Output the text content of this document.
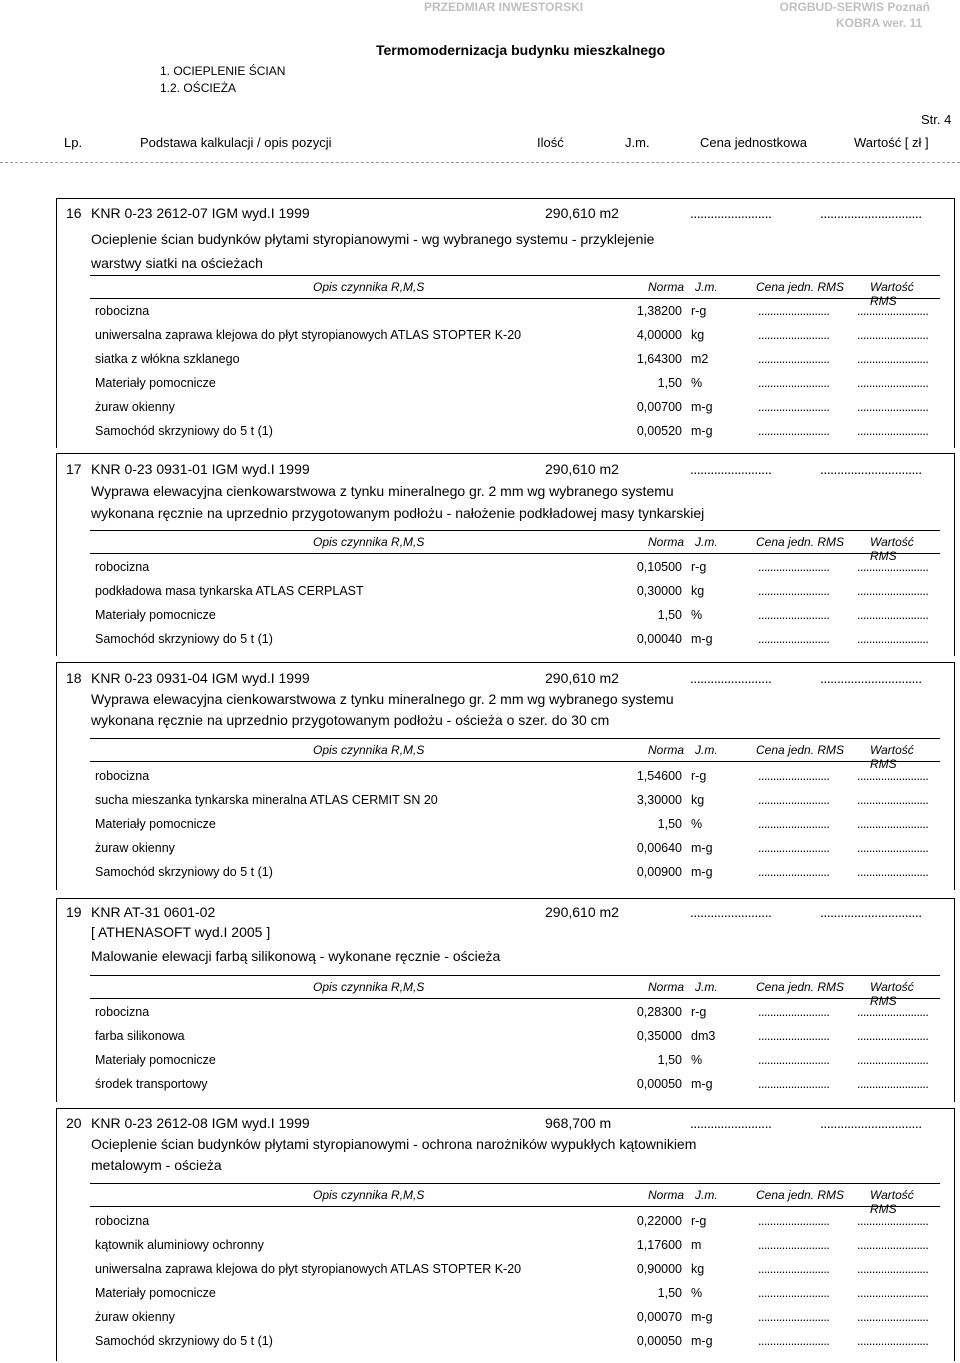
PRZEDMIAR INWESTORSKI	ORGBUD-SERWIS Poznań
KOBRA wer. 11
Termomodernizacja budynku mieszkalnego
1. OCIEPLENIE ŚCIAN
1.2. OŚCIEŻA
Str. 4
Lp.	Podstawa kalkulacji / opis pozycji	Ilość	J.m.	Cena jednostkowa	Wartość [ zł ]
16 KNR 0-23 2612-07 IGM wyd.I 1999	290,610 m2	........................	..............................
Ocieplenie ścian budynków płytami styropianowymi - wg wybranego systemu - przyklejenie
warstwy siatki na ościeżach
Opis czynnika R,M,S	Norma J.m.	Cena jedn. RMS Wartość RMS
robocizna	1,38200 r-g	........................ ........................
uniwersalna zaprawa klejowa do płyt styropianowych ATLAS STOPTER K-20	4,00000 kg	........................ ........................
siatka z włókna szklanego	1,64300 m2	........................ ........................
Materiały pomocnicze	1,50 %	........................ ........................
żuraw okienny	0,00700 m-g	........................ ........................
Samochód skrzyniowy do 5 t (1)	0,00520 m-g	........................ ........................
17 KNR 0-23 0931-01 IGM wyd.I 1999	290,610 m2	........................	..............................
Wyprawa elewacyjna cienkowarstwowa z tynku mineralnego gr. 2 mm wg wybranego systemu
wykonana ręcznie na uprzednio przygotowanym podłożu - nałożenie podkładowej masy tynkarskiej
Opis czynnika R,M,S	Norma J.m.	Cena jedn. RMS Wartość RMS
robocizna	0,10500 r-g	........................ ........................
podkładowa masa tynkarska ATLAS CERPLAST	0,30000 kg	........................ ........................
Materiały pomocnicze	1,50 %	........................ ........................
Samochód skrzyniowy do 5 t (1)	0,00040 m-g	........................ ........................
18 KNR 0-23 0931-04 IGM wyd.I 1999	290,610 m2	........................	..............................
Wyprawa elewacyjna cienkowarstwowa z tynku mineralnego gr. 2 mm wg wybranego systemu
wykonana ręcznie na uprzednio przygotowanym podłożu - ościeża o szer. do 30 cm
Opis czynnika R,M,S	Norma J.m.	Cena jedn. RMS Wartość RMS
robocizna	1,54600 r-g	........................ ........................
sucha mieszanka tynkarska mineralna ATLAS CERMIT SN 20	3,30000 kg	........................ ........................
Materiały pomocnicze	1,50 %	........................ ........................
żuraw okienny	0,00640 m-g	........................ ........................
Samochód skrzyniowy do 5 t (1)	0,00900 m-g	........................ ........................
19 KNR AT-31 0601-02	290,610 m2	........................	..............................
[ ATHENASOFT wyd.I 2005 ]
Malowanie elewacji farbą silikonową - wykonane ręcznie - ościeża
Opis czynnika R,M,S	Norma J.m.	Cena jedn. RMS Wartość RMS
robocizna	0,28300 r-g	........................ ........................
farba silikonowa	0,35000 dm3	........................ ........................
Materiały pomocnicze	1,50 %	........................ ........................
środek transportowy	0,00050 m-g	........................ ........................
20 KNR 0-23 2612-08 IGM wyd.I 1999	968,700 m	........................	..............................
Ocieplenie ścian budynków płytami styropianowymi - ochrona narożników wypukłych kątownikiem
metalowym - ościeża
Opis czynnika R,M,S	Norma J.m.	Cena jedn. RMS Wartość RMS
robocizna	0,22000 r-g	........................ ........................
kątownik aluminiowy ochronny	1,17600 m	........................ ........................
uniwersalna zaprawa klejowa do płyt styropianowych ATLAS STOPTER K-20	0,90000 kg	........................ ........................
Materiały pomocnicze	1,50 %	........................ ........................
żuraw okienny	0,00070 m-g	........................ ........................
Samochód skrzyniowy do 5 t (1)	0,00050 m-g	........................ ........................
